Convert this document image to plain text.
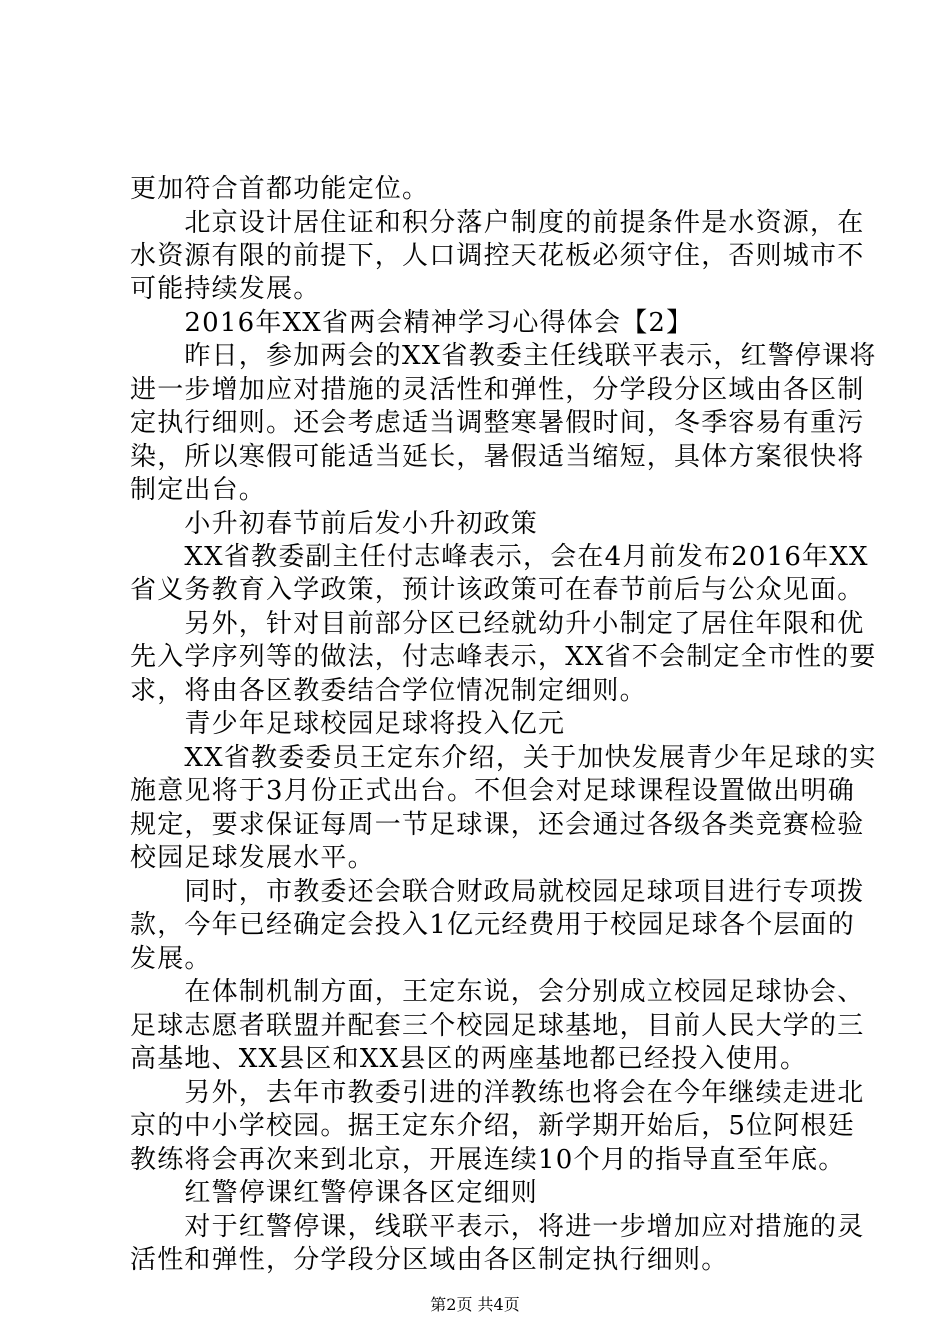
更加符合首都功能定位。
　　北京设计居住证和积分落户制度的前提条件是水资源，在
水资源有限的前提下，人口调控天花板必须守住，否则城市不
可能持续发展。
　　2016年XX省两会精神学习心得体会【2】
　　昨日，参加两会的XX省教委主任线联平表示，红警停课将
进一步增加应对措施的灵活性和弹性，分学段分区域由各区制
定执行细则。还会考虑适当调整寒暑假时间，冬季容易有重污
染，所以寒假可能适当延长，暑假适当缩短，具体方案很快将
制定出台。
　　小升初春节前后发小升初政策
　　XX省教委副主任付志峰表示，会在4月前发布2016年XX
省义务教育入学政策，预计该政策可在春节前后与公众见面。
　　另外，针对目前部分区已经就幼升小制定了居住年限和优
先入学序列等的做法，付志峰表示，XX省不会制定全市性的要
求，将由各区教委结合学位情况制定细则。
　　青少年足球校园足球将投入亿元
　　XX省教委委员王定东介绍，关于加快发展青少年足球的实
施意见将于3月份正式出台。不但会对足球课程设置做出明确
规定，要求保证每周一节足球课，还会通过各级各类竞赛检验
校园足球发展水平。
　　同时，市教委还会联合财政局就校园足球项目进行专项拨
款，今年已经确定会投入1亿元经费用于校园足球各个层面的
发展。
　　在体制机制方面，王定东说，会分别成立校园足球协会、
足球志愿者联盟并配套三个校园足球基地，目前人民大学的三
高基地、XX县区和XX县区的两座基地都已经投入使用。
　　另外，去年市教委引进的洋教练也将会在今年继续走进北
京的中小学校园。据王定东介绍，新学期开始后，5位阿根廷
教练将会再次来到北京，开展连续10个月的指导直至年底。
　　红警停课红警停课各区定细则
　　对于红警停课，线联平表示，将进一步增加应对措施的灵
活性和弹性，分学段分区域由各区制定执行细则。
第2页 共4页
